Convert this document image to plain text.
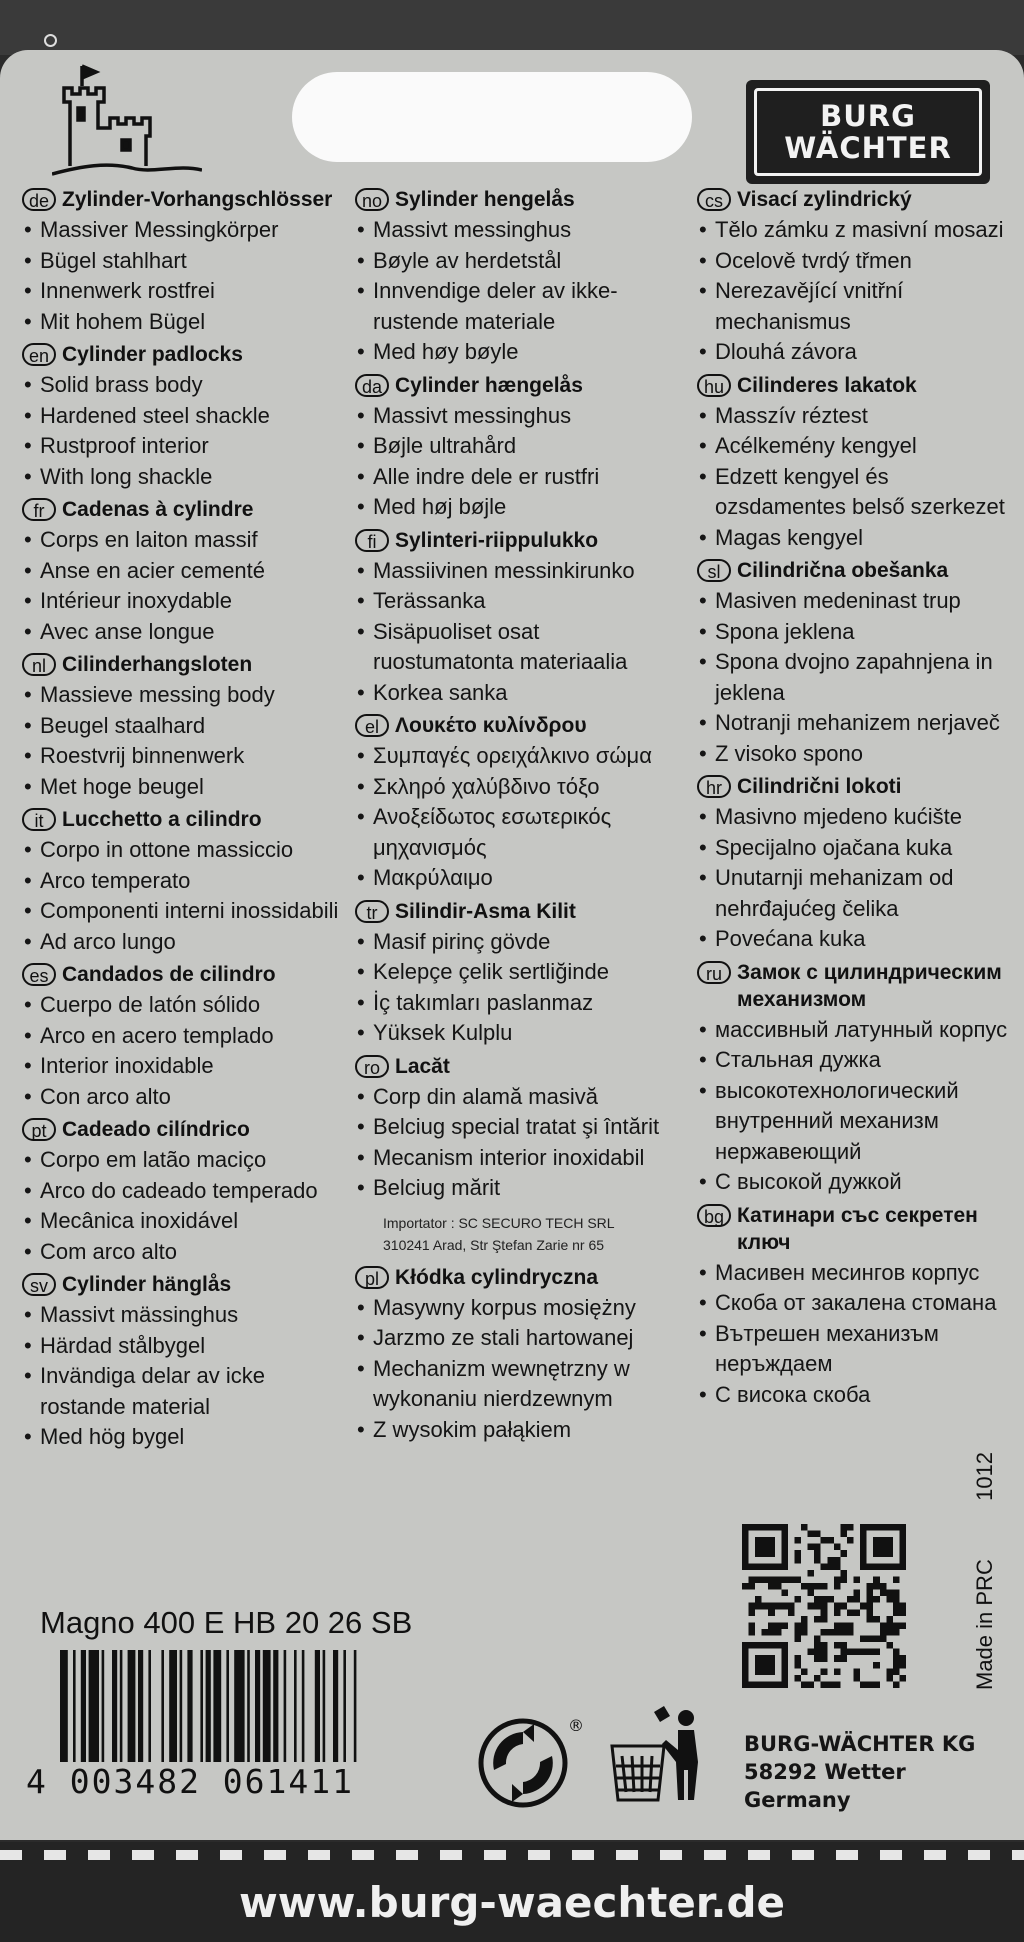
BURG
WÄCHTER
de Zylinder-Vorhangschlösser
• Massiver Messingkörper
• Bügel stahlhart
• Innenwerk rostfrei
• Mit hohem Bügel
en Cylinder padlocks
• Solid brass body
• Hardened steel shackle
• Rustproof interior
• With long shackle
fr Cadenas à cylindre
• Corps en laiton massif
• Anse en acier cementé
• Intérieur inoxydable
• Avec anse longue
nl Cilinderhangsloten
• Massieve messing body
• Beugel staalhard
• Roestvrij binnenwerk
• Met hoge beugel
it Lucchetto a cilindro
• Corpo in ottone massiccio
• Arco temperato
• Componenti interni inossidabili
• Ad arco lungo
es Candados de cilindro
• Cuerpo de latón sólido
• Arco en acero templado
• Interior inoxidable
• Con arco alto
pt Cadeado cilíndrico
• Corpo em latão maciço
• Arco do cadeado temperado
• Mecânica inoxidável
• Com arco alto
sv Cylinder hänglås
• Massivt mässinghus
• Härdad stålbygel
• Invändiga delar av icke rostande material
• Med hög bygel
no Sylinder hengelås
• Massivt messinghus
• Bøyle av herdetstål
• Innvendige deler av ikke-rustende materiale
• Med høy bøyle
da Cylinder hængelås
• Massivt messinghus
• Bøjle ultrahård
• Alle indre dele er rustfri
• Med høj bøjle
fi Sylinteri-riippulukko
• Massiivinen messinkirunko
• Terässanka
• Sisäpuoliset osat ruostumatonta materiaalia
• Korkea sanka
el Λουκέτο κυλίνδρου
• Συμπαγές ορειχάλκινο σώμα
• Σκληρό χαλύβδινο τόξο
• Ανοξείδωτος εσωτερικός μηχανισμός
• Μακρύλαιμο
tr Silindir-Asma Kilit
• Masif pirinç gövde
• Kelepçe çelik sertliğinde
• İç takımları paslanmaz
• Yüksek Kulplu
ro Lacăt
• Corp din alamă masivă
• Belciug special tratat şi întărit
• Mecanism interior inoxidabil
• Belciug mărit
Importator : SC SECURO TECH SRL
310241 Arad, Str Ştefan Zarie nr 65
pl Kłódka cylindryczna
• Masywny korpus mosiężny
• Jarzmo ze stali hartowanej
• Mechanizm wewnętrzny w wykonaniu nierdzewnym
• Z wysokim pałąkiem
cs Visací zylindrický
• Tělo zámku z masivní mosazi
• Ocelově tvrdý třmen
• Nerezavějící vnitřní mechanismus
• Dlouhá závora
hu Cilinderes lakatok
• Masszív réztest
• Acélkemény kengyel
• Edzett kengyel és ozsdamentes belső szerkezet
• Magas kengyel
sl Cilindrična obešanka
• Masiven medeninast trup
• Spona jeklena
• Spona dvojno zapahnjena in jeklena
• Notranji mehanizem nerjaveč
• Z visoko spono
hr Cilindrični lokoti
• Masivno mjedeno kućište
• Specijalno ojačana kuka
• Unutarnji mehanizam od nehrđajućeg čelika
• Povećana kuka
ru Замок с цилиндрическим механизмом
• массивный латунный корпус
• Стальная дужка
• высокотехнологический внутренний механизм нержавеющий
• С высокой дужкой
bg Катинари със секретен ключ
• Масивен месингов корпус
• Скоба от закалена стомана
• Вътрешен механизъм неръждаем
• С висока скоба
Magno 400 E HB 20 26 SB
4 003482 061411
Made in PRC  1012
®
BURG-WÄCHTER KG
58292 Wetter
Germany
www.burg-waechter.de
